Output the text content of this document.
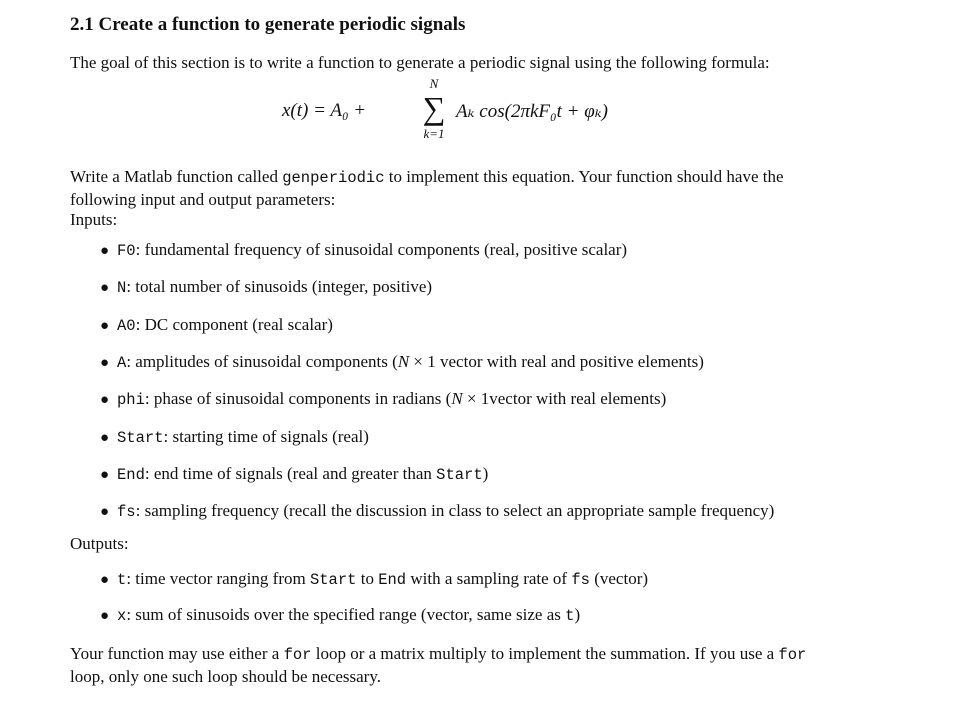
2.1 Create a function to generate periodic signals

The goal of this section is to write a function to generate a periodic signal using the following formula:

x(t) = A₀ +
N
∑
k=1
Aₖ cos(2πkF₀t + φₖ)

Write a Matlab function called genperiodic to implement this equation. Your function should have the
following input and output parameters:

Inputs:

● F0: fundamental frequency of sinusoidal components (real, positive scalar)

● N: total number of sinusoids (integer, positive)

● A0: DC component (real scalar)

● A: amplitudes of sinusoidal components (N × 1 vector with real and positive elements)

● phi: phase of sinusoidal components in radians (N × 1vector with real elements)

● Start: starting time of signals (real)

● End: end time of signals (real and greater than Start)

● fs: sampling frequency (recall the discussion in class to select an appropriate sample frequency)

Outputs:

● t: time vector ranging from Start to End with a sampling rate of fs (vector)

● x: sum of sinusoids over the specified range (vector, same size as t)

Your function may use either a for loop or a matrix multiply to implement the summation. If you use a for
loop, only one such loop should be necessary.
